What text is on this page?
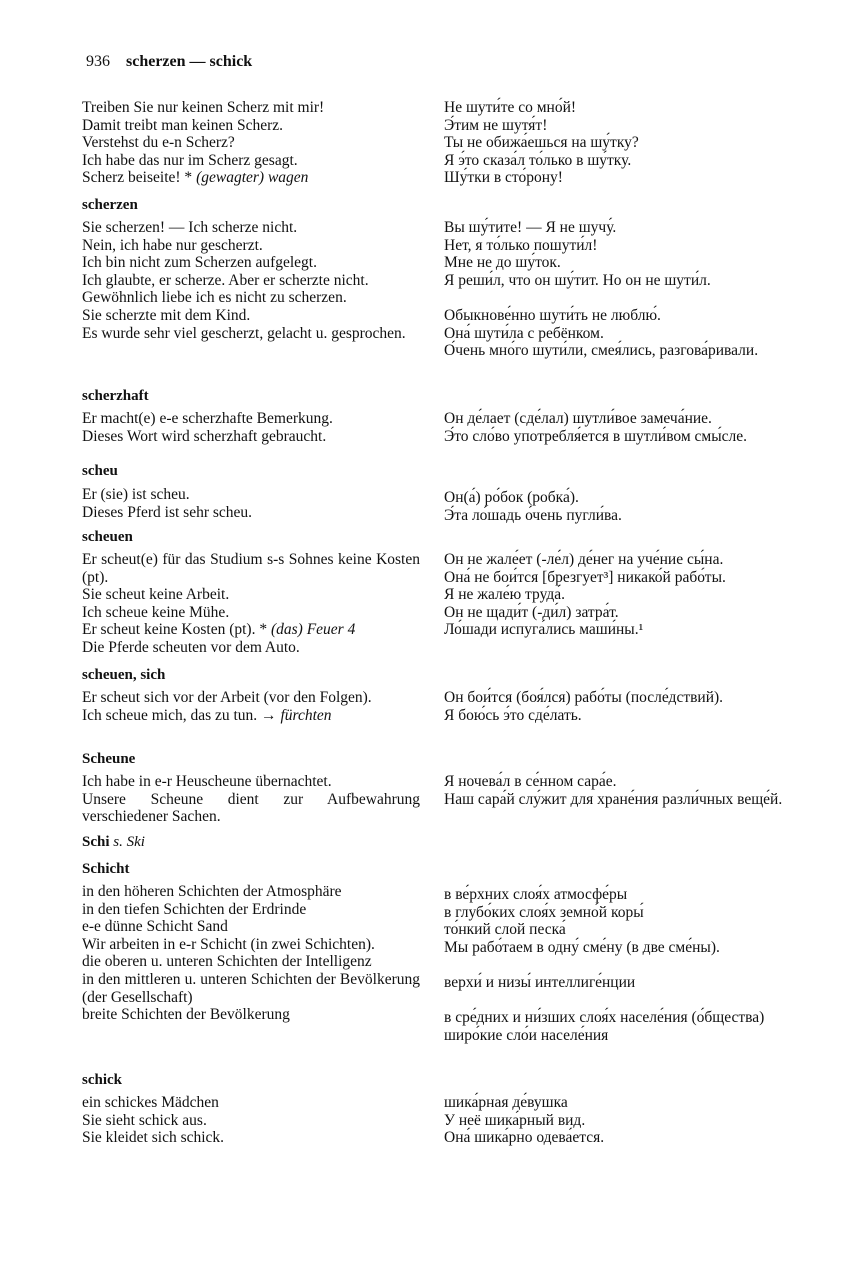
936 scherzen — schick
Treiben Sie nur keinen Scherz mit mir!
Damit treibt man keinen Scherz.
Verstehst du e-n Scherz?
Ich habe das nur im Scherz gesagt.
Scherz beiseite! * (gewagter) wagen
Не шути́те со мно́й!
Э́тим не шутя́т!
Ты не обижа́ешься на шу́тку?
Я э́то сказа́л то́лько в шу́тку.
Шу́тки в сто́рону!
scherzen
Sie scherzen! — Ich scherze nicht.
Nein, ich habe nur gescherzt.
Ich bin nicht zum Scherzen aufgelegt.
Ich glaubte, er scherze. Aber er scherzte nicht.
Gewöhnlich liebe ich es nicht zu scherzen.
Sie scherzte mit dem Kind.
Es wurde sehr viel gescherzt, gelacht u. gesprochen.
Вы шу́тите! — Я не шучу́.
Нет, я то́лько пошути́л!
Мне не до шу́ток.
Я реши́л, что он шу́тит. Но он не шути́л.
Обыкнове́нно шути́ть не люблю́.
Она́ шути́ла с ребёнком.
О́чень мно́го шути́ли, смея́лись, разгова́ривали.
scherzhaft
Er macht(e) e-e scherzhafte Bemerkung.
Dieses Wort wird scherzhaft gebraucht.
Он де́лает (сде́лал) шутли́вое замеча́ние.
Э́то сло́во употребля́ется в шутли́вом смы́сле.
scheu
Er (sie) ist scheu.
Dieses Pferd ist sehr scheu.
Он(а́) ро́бок (робка́).
Э́та ло́шадь о́чень пугли́ва.
scheuen
Er scheut(e) für das Studium s-s Sohnes keine Kosten (pt).
Sie scheut keine Arbeit.
Ich scheue keine Mühe.
Er scheut keine Kosten (pt). * (das) Feuer 4
Die Pferde scheuten vor dem Auto.
Он не жале́ет (-ле́л) де́нег на уче́ние сы́на.
Она́ не бои́тся [брезгует³] никако́й рабо́ты.
Я не жале́ю труда́.
Он не щади́т (-ди́л) затра́т.
Ло́шади испуга́лись маши́ны.¹
scheuen, sich
Er scheut sich vor der Arbeit (vor den Folgen).
Ich scheue mich, das zu tun. → fürchten
Он бои́тся (боя́лся) рабо́ты (после́дствий).
Я бою́сь э́то сде́лать.
Scheune
Ich habe in e-r Heuscheune übernachtet.
Unsere Scheune dient zur Aufbewahrung verschiedener Sachen.
Я ночева́л в се́нном сара́е.
Наш сара́й слу́жит для хране́ния разли́чных веще́й.
Schi s. Ski
Schicht
in den höheren Schichten der Atmosphäre
in den tiefen Schichten der Erdrinde
e-e dünne Schicht Sand
Wir arbeiten in e-r Schicht (in zwei Schichten).
die oberen u. unteren Schichten der Intelligenz
in den mittleren u. unteren Schichten der Bevölkerung (der Gesellschaft)
breite Schichten der Bevölkerung
в ве́рхних слоя́х атмосфе́ры
в глубо́ких слоя́х земно́й коры́
то́нкий слой песка́
Мы рабо́таем в одну́ сме́ну (в две сме́ны).
верхи́ и низы́ интеллиге́нции
в сре́дних и ни́зших слоя́х населе́ния (о́бщества)
широ́кие сло́и населе́ния
schick
ein schickes Mädchen
Sie sieht schick aus.
Sie kleidet sich schick.
шика́рная де́вушка
У неё шика́рный вид.
Она́ шика́рно одева́ется.
